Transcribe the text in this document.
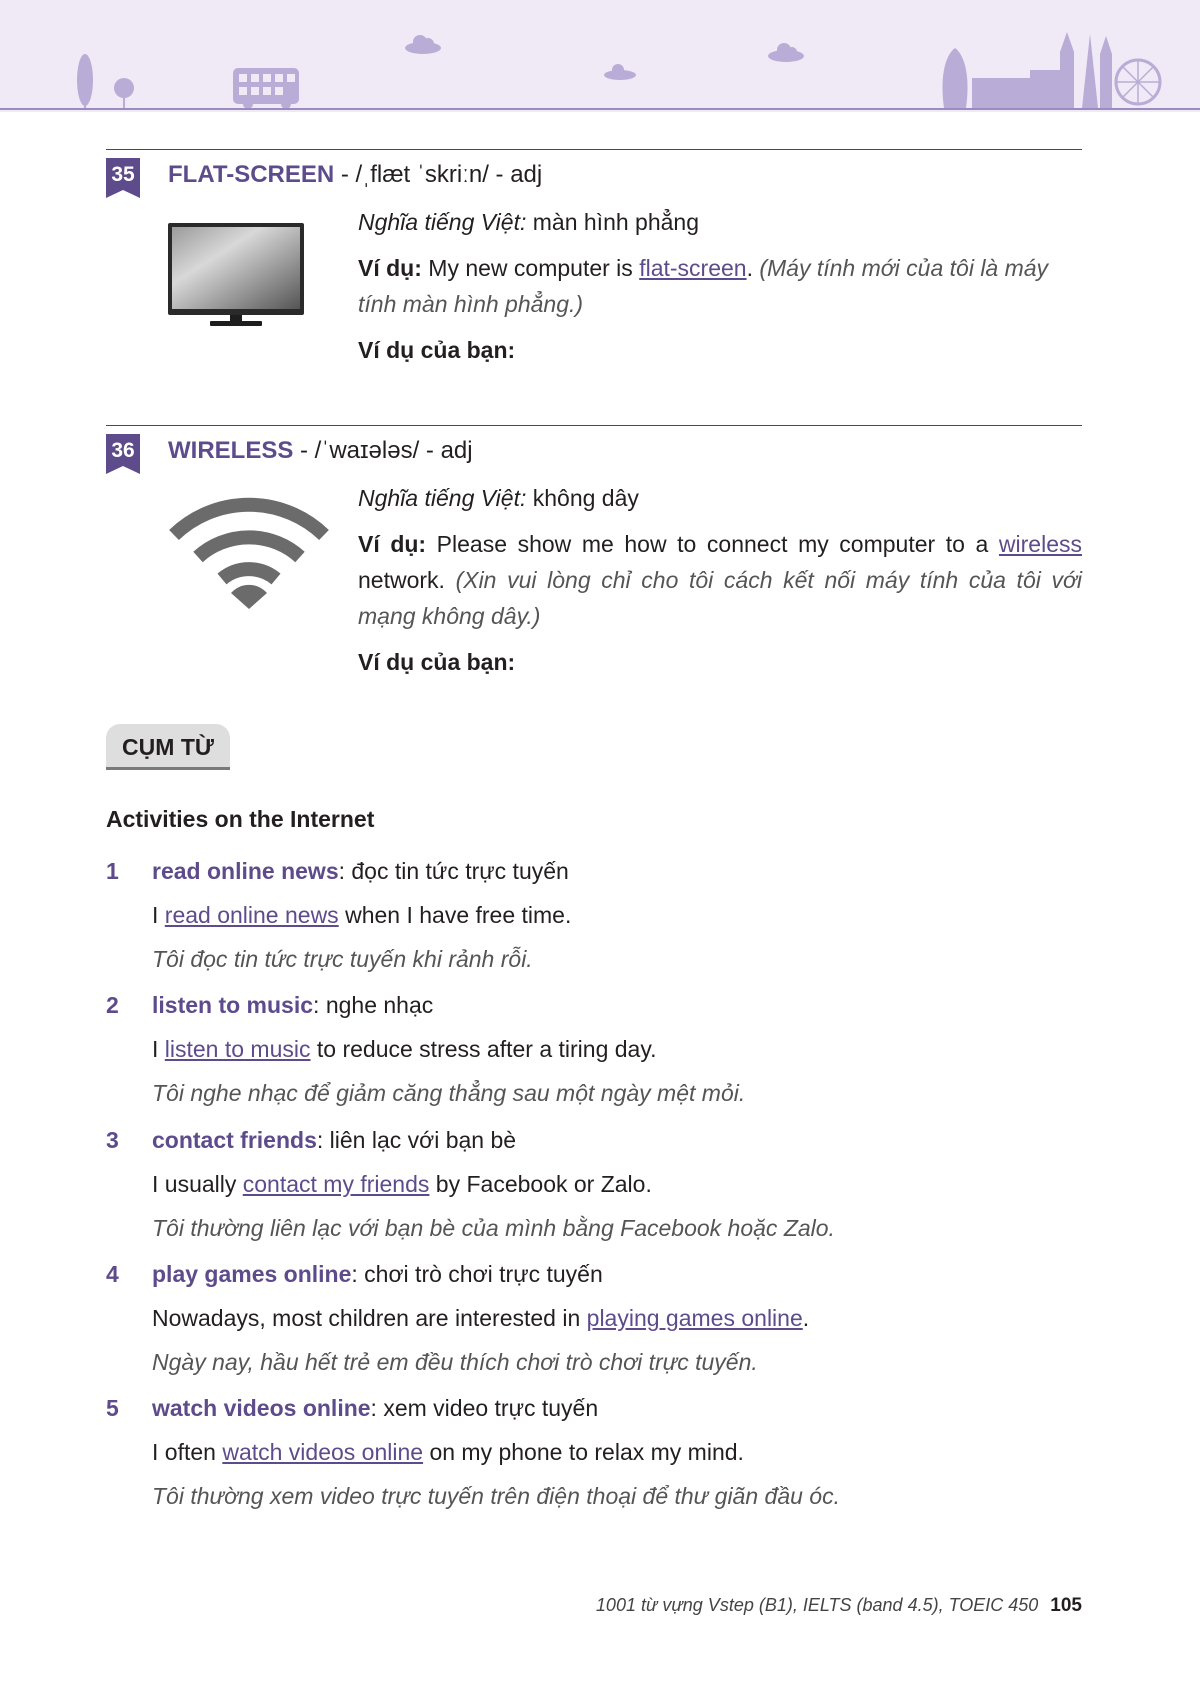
35 FLAT-SCREEN - /ˌflæt ˈskriːn/ - adj

Nghĩa tiếng Việt: màn hình phẳng

Ví dụ: My new computer is flat-screen. (Máy tính mới của tôi là máy tính màn hình phẳng.)

Ví dụ của bạn:

36 WIRELESS - /ˈwaɪələs/ - adj

Nghĩa tiếng Việt: không dây

Ví dụ: Please show me how to connect my computer to a wireless network. (Xin vui lòng chỉ cho tôi cách kết nối máy tính của tôi với mạng không dây.)

Ví dụ của bạn:

CỤM TỪ
Activities on the Internet
1 read online news: đọc tin tức trực tuyến
I read online news when I have free time.
Tôi đọc tin tức trực tuyến khi rảnh rỗi.
2 listen to music: nghe nhạc
I listen to music to reduce stress after a tiring day.
Tôi nghe nhạc để giảm căng thẳng sau một ngày mệt mỏi.
3 contact friends: liên lạc với bạn bè
I usually contact my friends by Facebook or Zalo.
Tôi thường liên lạc với bạn bè của mình bằng Facebook hoặc Zalo.
4 play games online: chơi trò chơi trực tuyến
Nowadays, most children are interested in playing games online.
Ngày nay, hầu hết trẻ em đều thích chơi trò chơi trực tuyến.
5 watch videos online: xem video trực tuyến
I often watch videos online on my phone to relax my mind.
Tôi thường xem video trực tuyến trên điện thoại để thư giãn đầu óc.
1001 từ vựng Vstep (B1), IELTS (band 4.5), TOEIC 450 105
